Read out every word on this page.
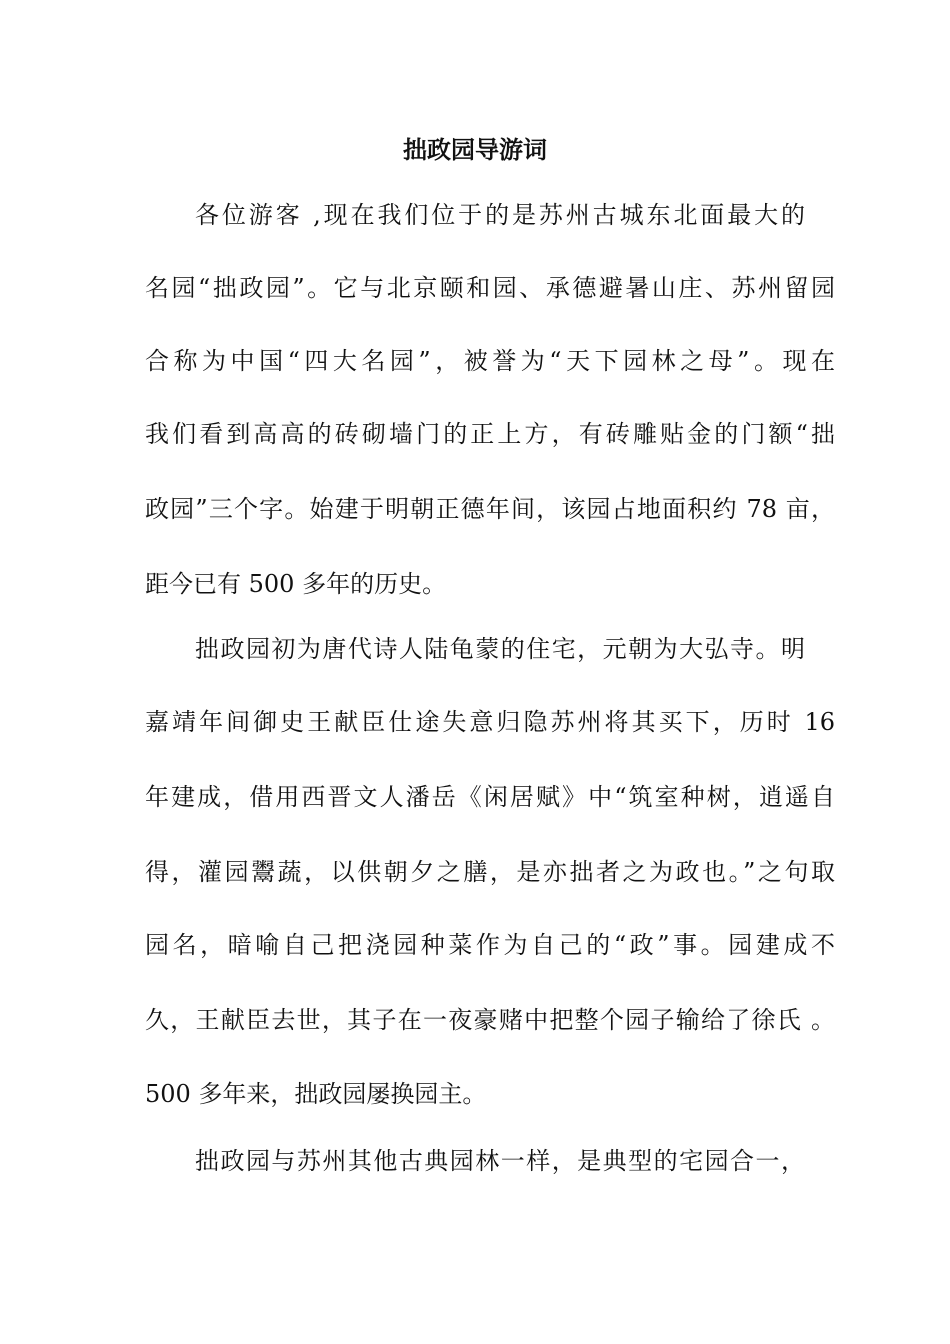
拙政园导游词
各位游客 ,现在我们位于的是苏州古城东北面最大的
名园“拙政园”。它与北京颐和园、承德避暑山庄、苏州留园
合称为中国“四大名园”，被誉为“天下园林之母”。现在
我们看到高高的砖砌墙门的正上方，有砖雕贴金的门额“拙
政园”三个字。始建于明朝正德年间，该园占地面积约 78 亩，
距今已有 500 多年的历史。
拙政园初为唐代诗人陆龟蒙的住宅，元朝为大弘寺。明
嘉靖年间御史王献臣仕途失意归隐苏州将其买下，历时 16
年建成，借用西晋文人潘岳《闲居赋》中“筑室种树，逍遥自
得，灌园鬻蔬，以供朝夕之膳，是亦拙者之为政也。”之句取
园名，暗喻自己把浇园种菜作为自己的“政”事。园建成不
久，王献臣去世，其子在一夜豪赌中把整个园子输给了徐氏 。
500 多年来，拙政园屡换园主。
拙政园与苏州其他古典园林一样，是典型的宅园合一，
